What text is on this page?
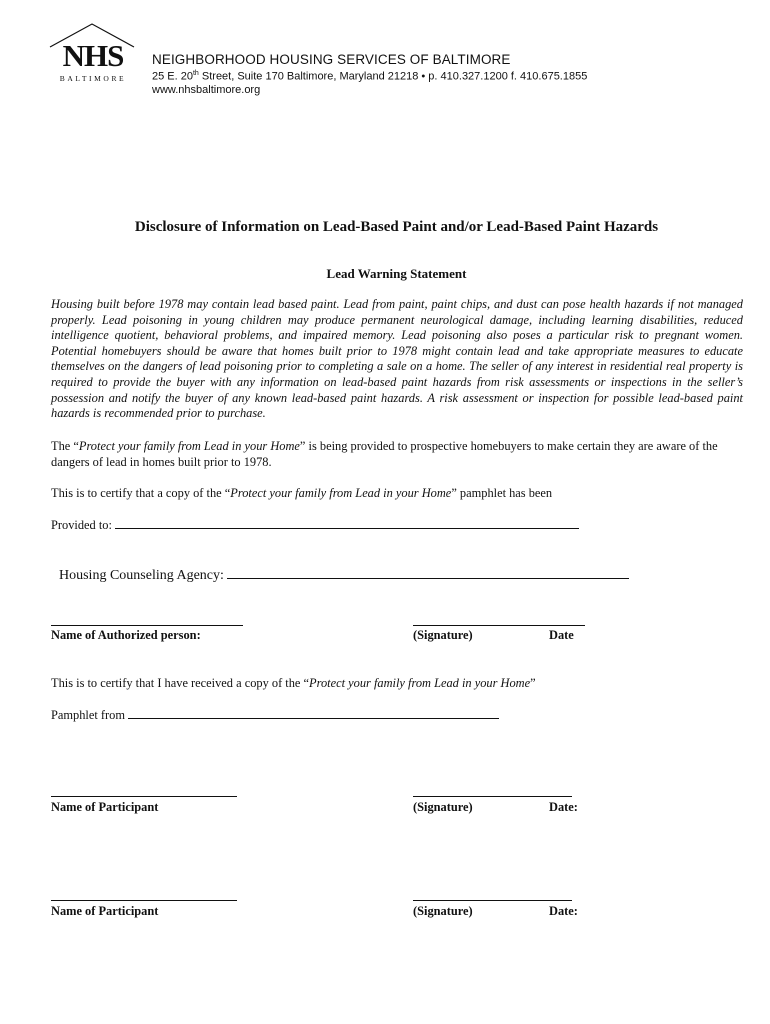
NHS
BALTIMORE
NEIGHBORHOOD HOUSING SERVICES OF BALTIMORE
25 E. 20th Street, Suite 170 Baltimore, Maryland 21218 • p. 410.327.1200 f. 410.675.1855
www.nhsbaltimore.org
Disclosure of Information on Lead-Based Paint and/or Lead-Based Paint Hazards
Lead Warning Statement
Housing built before 1978 may contain lead based paint. Lead from paint, paint chips, and dust can pose health hazards if not managed properly. Lead poisoning in young children may produce permanent neurological damage, including learning disabilities, reduced intelligence quotient, behavioral problems, and impaired memory. Lead poisoning also poses a particular risk to pregnant women. Potential homebuyers should be aware that homes built prior to 1978 might contain lead and take appropriate measures to educate themselves on the dangers of lead poisoning prior to completing a sale on a home. The seller of any interest in residential real property is required to provide the buyer with any information on lead-based paint hazards from risk assessments or inspections in the seller’s possession and notify the buyer of any known lead-based paint hazards. A risk assessment or inspection for possible lead-based paint hazards is recommended prior to purchase.
The “Protect your family from Lead in your Home” is being provided to prospective homebuyers to make certain they are aware of the dangers of lead in homes built prior to 1978.
This is to certify that a copy of the “Protect your family from Lead in your Home” pamphlet has been
Provided to:
Housing Counseling Agency:
Name of Authorized person:	(Signature)	Date
This is to certify that I have received a copy of the “Protect your family from Lead in your Home”
Pamphlet from
Name of Participant	(Signature)	Date:
Name of Participant	(Signature)	Date:
